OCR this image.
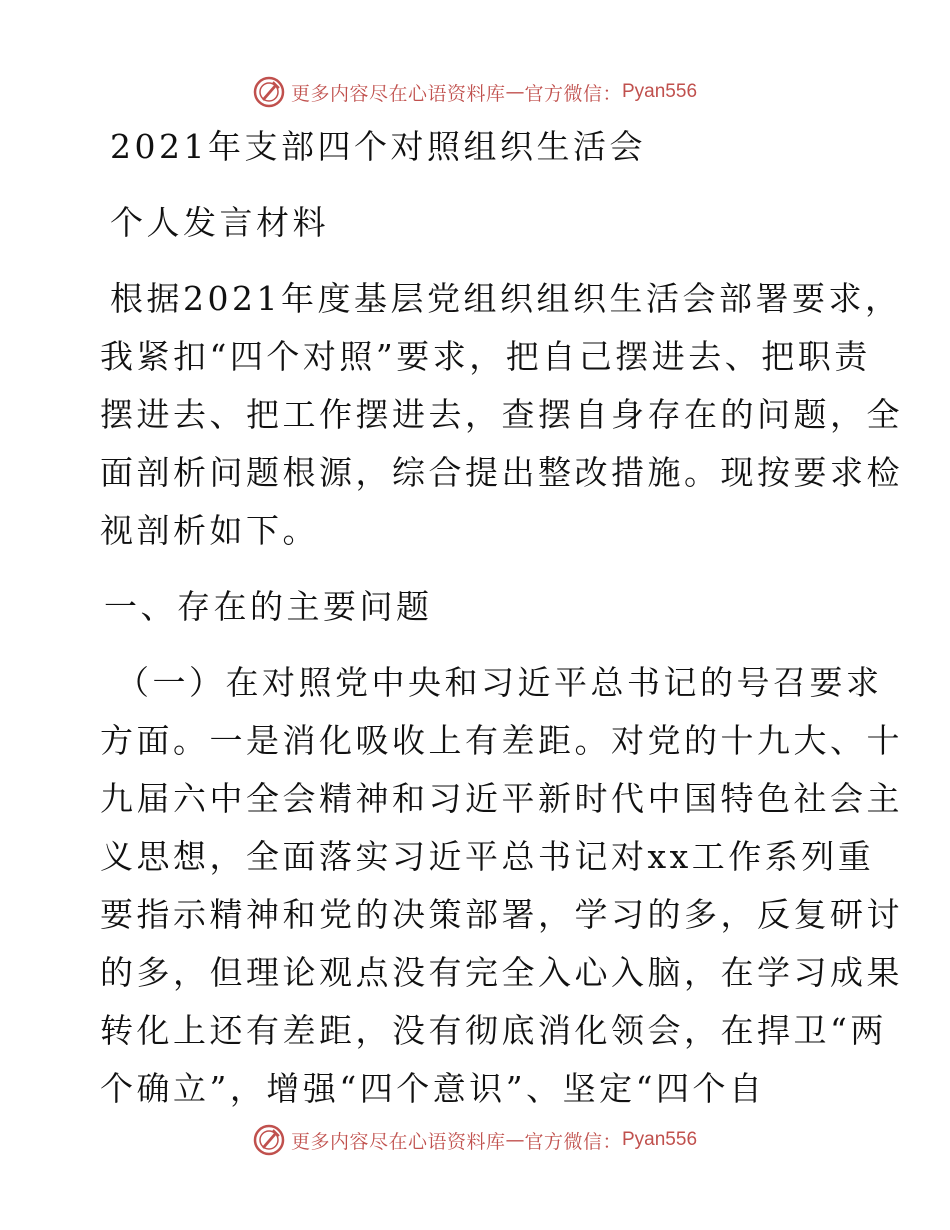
更多内容尽在心语资料库 — 官方微信： Pyan556

2021年支部四个对照组织生活会

个人发言材料

根据2021年度基层党组织组织生活会部署要求，

我紧扣“四个对照”要求，把自己摆进去、把职责

摆进去、把工作摆进去，查摆自身存在的问题，全

面剖析问题根源，综合提出整改措施。现按要求检

视剖析如下。

一、存在的主要问题

（一）在对照党中央和习近平总书记的号召要求

方面。一是消化吸收上有差距。对党的十九大、十

九届六中全会精神和习近平新时代中国特色社会主

义思想，全面落实习近平总书记对xx工作系列重

要指示精神和党的决策部署，学习的多，反复研讨

的多，但理论观点没有完全入心入脑，在学习成果

转化上还有差距，没有彻底消化领会，在捍卫“两

个确立”，增强“四个意识”、坚定“四个自

更多内容尽在心语资料库 — 官方微信： Pyan556
